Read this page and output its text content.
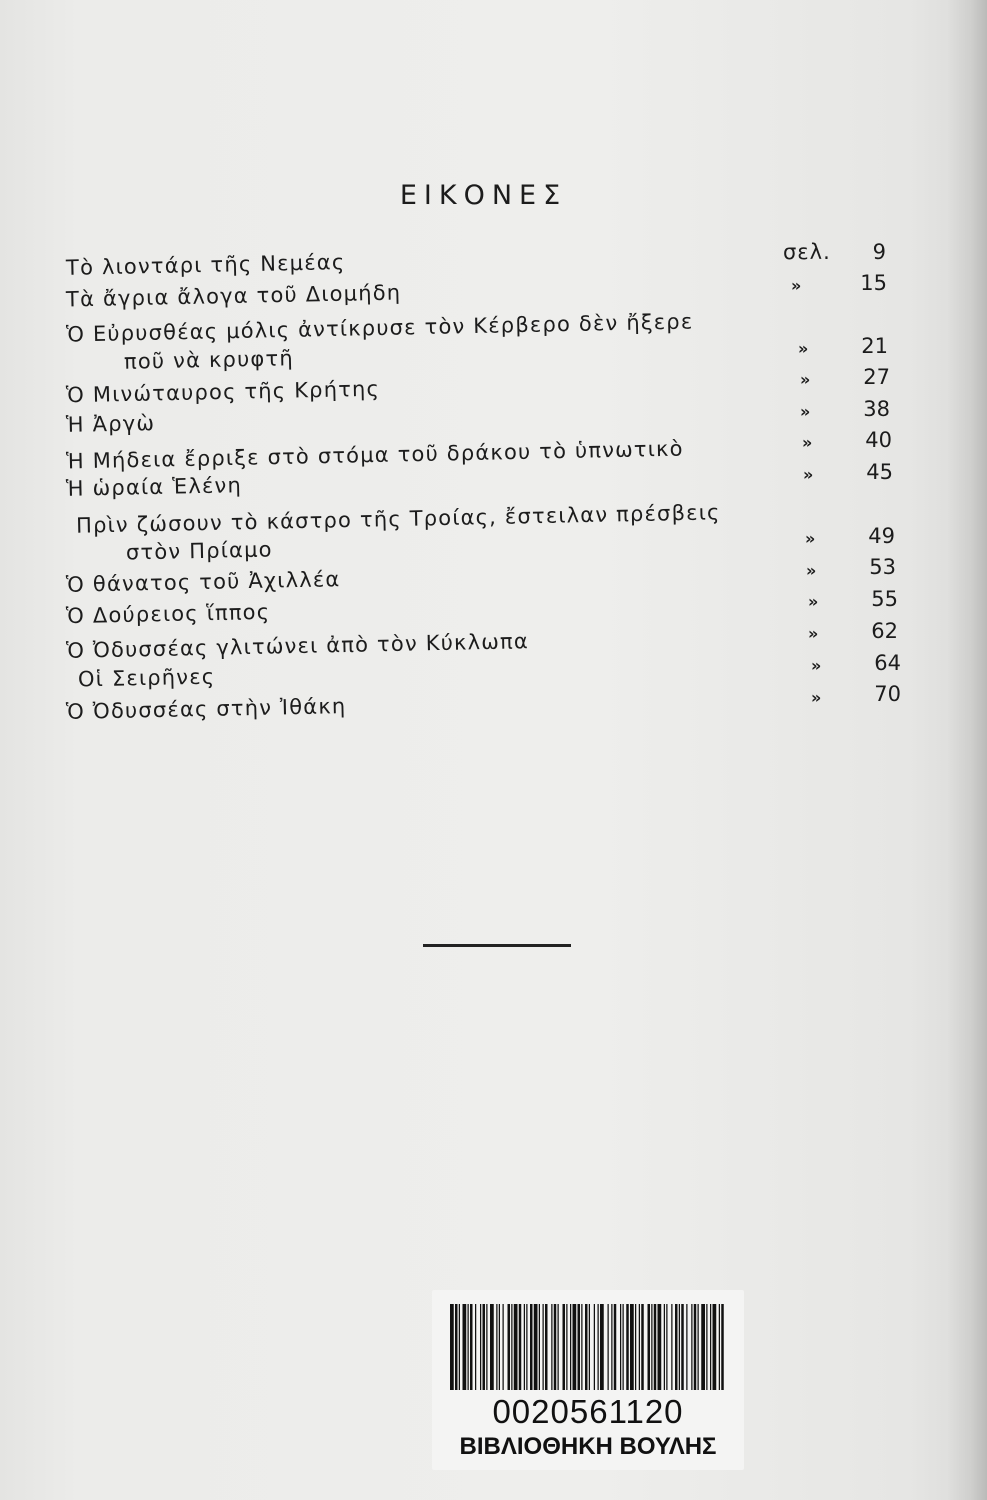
ΕΙΚΟΝΕΣ
Τὸ λιοντάρι τῆς Νεμέας	σελ.	9
Τὰ ἄγρια ἄλογα τοῦ Διομήδη	»	15
Ὁ Εὐρυσθέας μόλις ἀντίκρυσε τὸν Κέρβερο δὲν ἤξερε
ποῦ νὰ κρυφτῆ	»	21
Ὁ Μινώταυρος τῆς Κρήτης	»	27
Ἡ Ἀργὼ	»	38
Ἡ Μήδεια ἔρριξε στὸ στόμα τοῦ δράκου τὸ ὑπνωτικὸ	»	40
Ἡ ὡραία Ἑλένη	»	45
Πρὶν ζώσουν τὸ κάστρο τῆς Τροίας, ἔστειλαν πρέσβεις
στὸν Πρίαμο	»	49
Ὁ θάνατος τοῦ Ἀχιλλέα	»	53
Ὁ Δούρειος ἵππος	»	55
Ὁ Ὀδυσσέας γλιτώνει ἀπὸ τὸν Κύκλωπα	»	62
Οἱ Σειρῆνες	»	64
Ὁ Ὀδυσσέας στὴν Ἰθάκη	»	70
0020561120
ΒΙΒΛΙΟΘΗΚΗ ΒΟΥΛΗΣ
